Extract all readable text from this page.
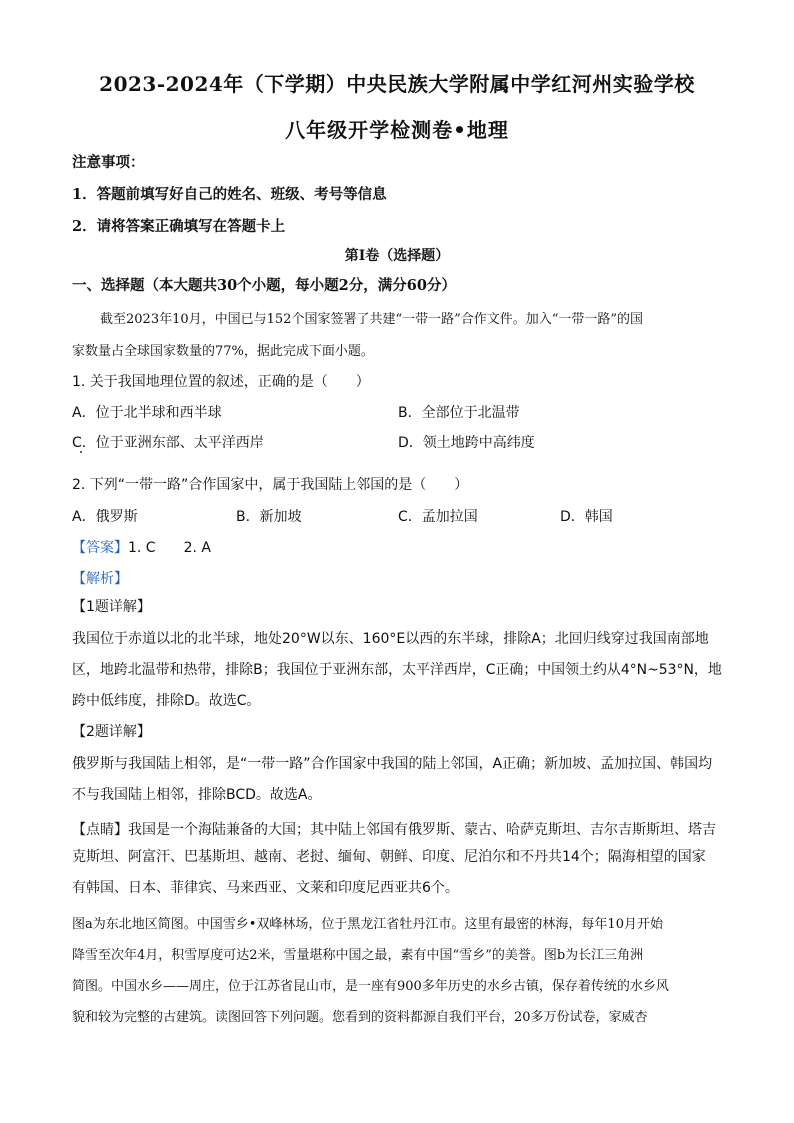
2023-2024年（下学期）中央民族大学附属中学红河州实验学校
八年级开学检测卷•地理
注意事项：
1．答题前填写好自己的姓名、班级、考号等信息
2．请将答案正确填写在答题卡上
第I卷（选择题）
一、选择题（本大题共30个小题，每小题2分，满分60分）
截至2023年10月，中国已与152个国家签署了共建“一带一路”合作文件。加入“一带一路”的国
家数量占全球国家数量的77%，据此完成下面小题。
1. 关于我国地理位置的叙述，正确的是（　　）
A．位于北半球和西半球	B．全部位于北温带
C．位于亚洲东部、太平洋西岸	D．领土地跨中高纬度
2. 下列“一带一路”合作国家中，属于我国陆上邻国的是（　　）
A．俄罗斯	B．新加坡	C．孟加拉国	D．韩国
【答案】1. C　　2. A
【解析】
【1题详解】
我国位于赤道以北的北半球，地处20°W以东、160°E以西的东半球，排除A；北回归线穿过我国南部地
区，地跨北温带和热带，排除B；我国位于亚洲东部，太平洋西岸，C正确；中国领土约从4°N~53°N，地
跨中低纬度，排除D。故选C。
【2题详解】
俄罗斯与我国陆上相邻，是“一带一路”合作国家中我国的陆上邻国，A正确；新加坡、孟加拉国、韩国均
不与我国陆上相邻，排除BCD。故选A。
【点睛】我国是一个海陆兼备的大国；其中陆上邻国有俄罗斯、蒙古、哈萨克斯坦、吉尔吉斯斯坦、塔吉
克斯坦、阿富汗、巴基斯坦、越南、老挝、缅甸、朝鲜、印度、尼泊尔和不丹共14个；隔海相望的国家
有韩国、日本、菲律宾、马来西亚、文莱和印度尼西亚共6个。
图a为东北地区简图。中国雪乡•双峰林场，位于黑龙江省牡丹江市。这里有最密的林海，每年10月开始
降雪至次年4月，积雪厚度可达2米，雪量堪称中国之最，素有中国“雪乡”的美誉。图b为长江三角洲
简图。中国水乡——周庄，位于江苏省昆山市，是一座有900多年历史的水乡古镇，保存着传统的水乡风
貌和较为完整的古建筑。读图回答下列问题。您看到的资料都源自我们平台，20多万份试卷，家威杏
